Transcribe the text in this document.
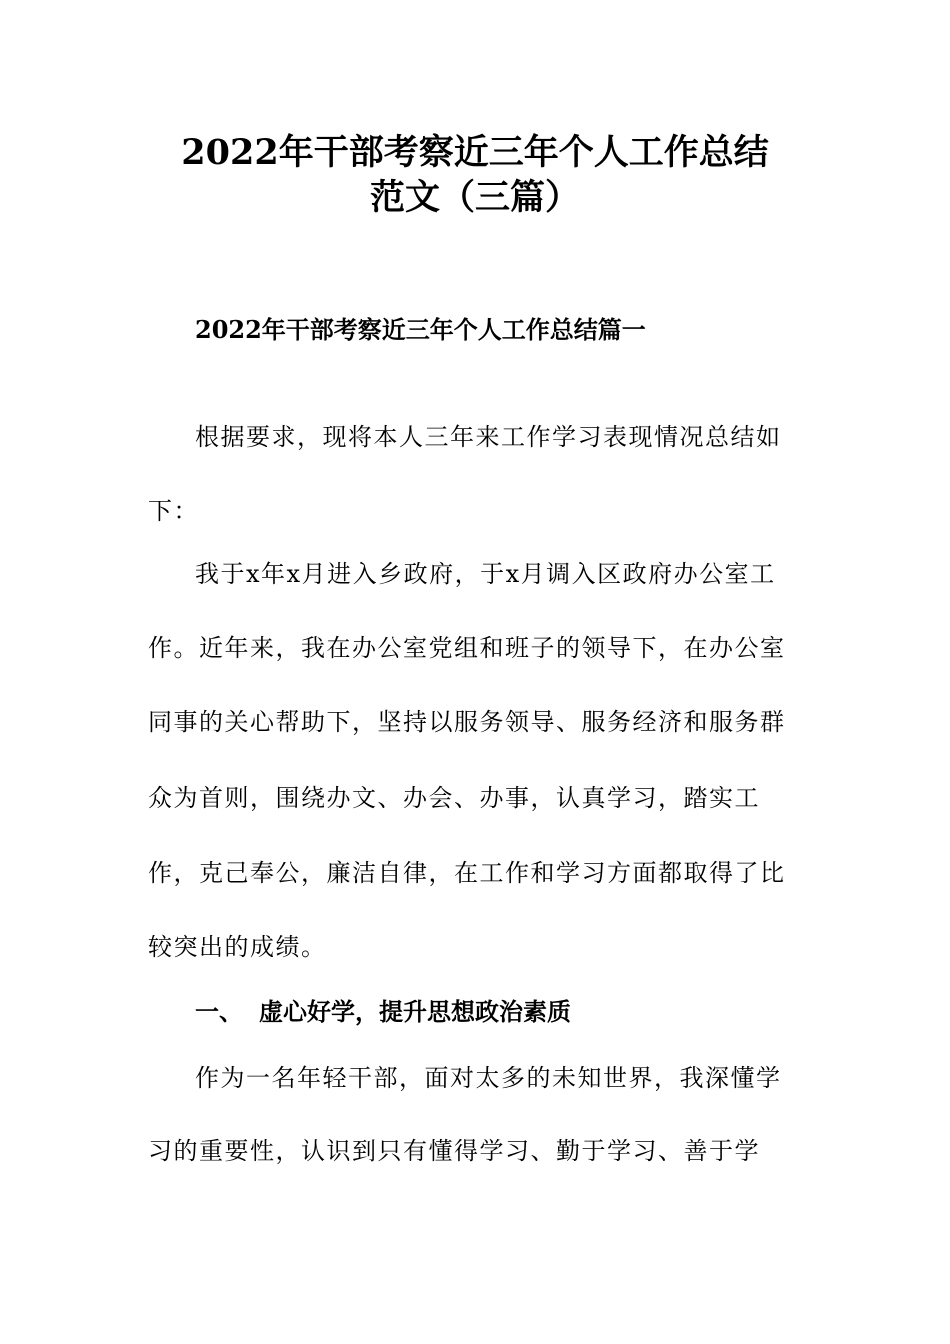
2022年干部考察近三年个人工作总结
范文（三篇）
2022年干部考察近三年个人工作总结篇一
根据要求，现将本人三年来工作学习表现情况总结如
下：
我于x年x月进入乡政府，于x月调入区政府办公室工
作。近年来，我在办公室党组和班子的领导下，在办公室
同事的关心帮助下，坚持以服务领导、服务经济和服务群
众为首则，围绕办文、办会、办事，认真学习，踏实工
作，克己奉公，廉洁自律，在工作和学习方面都取得了比
较突出的成绩。
一、 虚心好学，提升思想政治素质
作为一名年轻干部，面对太多的未知世界，我深懂学
习的重要性，认识到只有懂得学习、勤于学习、善于学
